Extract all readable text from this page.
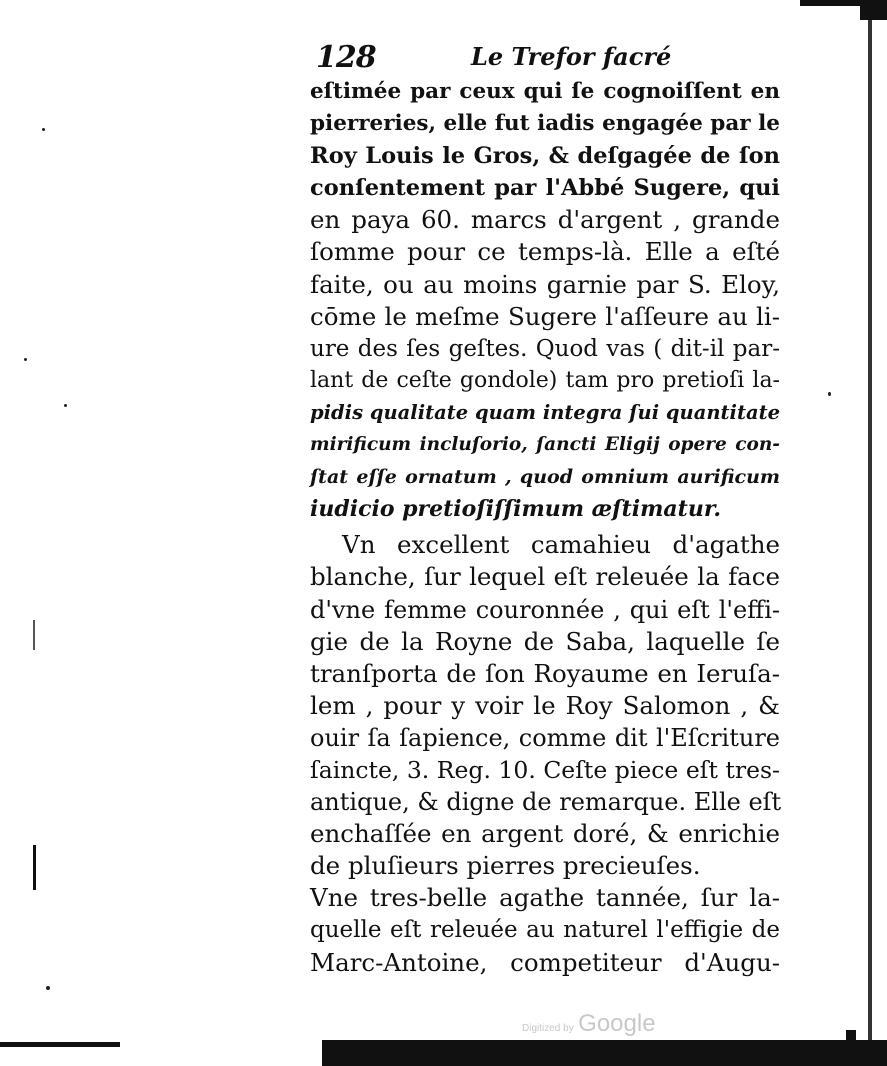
128	Le Trefor facré
eſtimée par ceux qui ſe cognoiſſent en
pierreries, elle fut iadis engagée par le
Roy Louis le Gros, & deſgagée de ſon
conſentement par l'Abbé Sugere, qui
en paya 60. marcs d'argent , grande
ſomme pour ce temps-là. Elle a eſté
faite, ou au moins garnie par S. Eloy,
cōme le meſme Sugere l'aſſeure au li-
ure des ſes geſtes. Quod vas ( dit-il par-
lant de ceſte gondole) tam pro pretioſi la-
pidis qualitate quam integra ſui quantitate
mirificum incluſorio, ſancti Eligij opere con-
ſtat eſſe ornatum , quod omnium aurificum
iudicio pretioſiſſimum æſtimatur.
Vn excellent camahieu d'agathe
blanche, ſur lequel eſt releuée la face
d'vne femme couronnée , qui eſt l'effi-
gie de la Royne de Saba, laquelle ſe
tranſporta de ſon Royaume en Ieruſa-
lem , pour y voir le Roy Salomon , &
ouir ſa ſapience, comme dit l'Eſcriture
ſaincte, 3. Reg. 10. Ceſte piece eſt tres-
antique, & digne de remarque. Elle eſt
enchaſſée en argent doré, & enrichie
de pluſieurs pierres precieuſes.
Vne tres-belle agathe tannée, ſur la-
quelle eſt releuée au naturel l'effigie de
Marc-Antoine, competiteur d'Augu-
Digitized by Google
